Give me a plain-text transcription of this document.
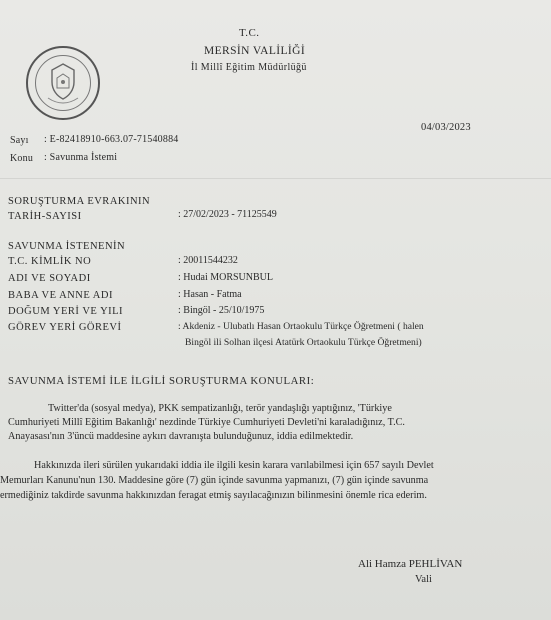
T.C.
MERSİN VALİLİĞİ
İl Millî Eğitim Müdürlüğü
04/03/2023
Sayı : E-82418910-663.07-71540884
Konu : Savunma İstemi
SORUŞTURMA EVRAKININ
TARİH-SAYISI	: 27/02/2023 - 71125549
SAVUNMA İSTENENİN
T.C. KİMLİK NO	: 20011544232
ADI VE SOYADI	: Hudai MORSUNBUL
BABA VE ANNE ADI	: Hasan - Fatma
DOĞUM YERİ VE YILI	: Bingöl - 25/10/1975
GÖREV YERİ GÖREVİ	: Akdeniz - Ulubatlı Hasan Ortaokulu Türkçe Öğretmeni ( halen
Bingöl ili Solhan ilçesi Atatürk Ortaokulu Türkçe Öğretmeni)
SAVUNMA İSTEMİ İLE İLGİLİ SORUŞTURMA KONULARI:
Twitter'da (sosyal medya), PKK sempatizanlığı, terör yandaşlığı yaptığınız, 'Türkiye
Cumhuriyeti Millî Eğitim Bakanlığı' nezdinde Türkiye Cumhuriyeti Devleti'ni karaladığınız, T.C.
Anayasası'nın 3'üncü maddesine aykırı davranışta bulunduğunuz, iddia edilmektedir.
Hakkınızda ileri sürülen yukarıdaki iddia ile ilgili kesin karara varılabilmesi için 657 sayılı Devlet
Memurları Kanunu'nun 130. Maddesine göre (7) gün içinde savunma yapmanızı, (7) gün içinde savunma
ermediğiniz takdirde savunma hakkınızdan feragat etmiş sayılacağınızın bilinmesini önemle rica ederim.
Ali Hamza PEHLİVAN
Vali
